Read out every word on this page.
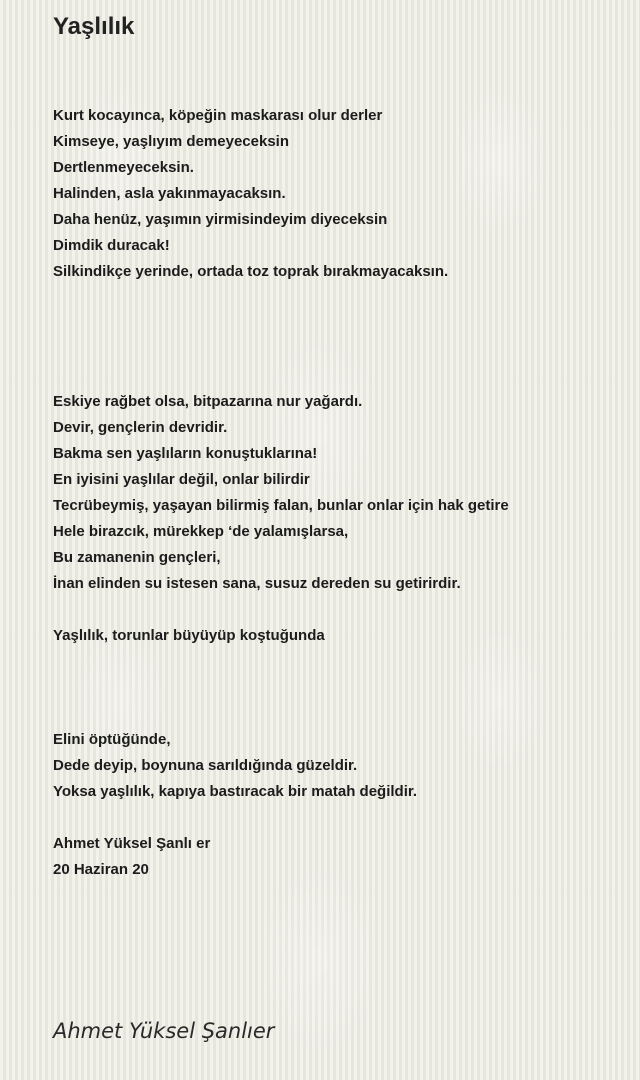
Yaşlılık
Kurt kocayınca, köpeğin maskarası olur derler
Kimseye, yaşlıyım demeyeceksin
Dertlenmeyeceksin.
Halinden, asla yakınmayacaksın.
Daha henüz, yaşımın yirmisindeyim diyeceksin
Dimdik duracak!
Silkindikçe yerinde, ortada toz toprak bırakmayacaksın.
Eskiye rağbet olsa, bitpazarına nur yağardı.
Devir, gençlerin devridir.
Bakma sen yaşlıların konuştuklarına!
En iyisini yaşlılar değil, onlar bilirdir
Tecrübeymiş, yaşayan bilirmiş falan, bunlar onlar için hak getire
Hele birazcık, mürekkep ‘de yalamışlarsa,
Bu zamanenin gençleri,
İnan elinden su istesen sana, susuz dereden su getirirdir.
Yaşlılık, torunlar büyüyüp koştuğunda
Elini öptüğünde,
Dede deyip, boynuna sarıldığında güzeldir.
Yoksa yaşlılık, kapıya bastıracak bir matah değildir.
Ahmet Yüksel Şanlı er
20 Haziran 20

Ahmet Yüksel Şanlıer
